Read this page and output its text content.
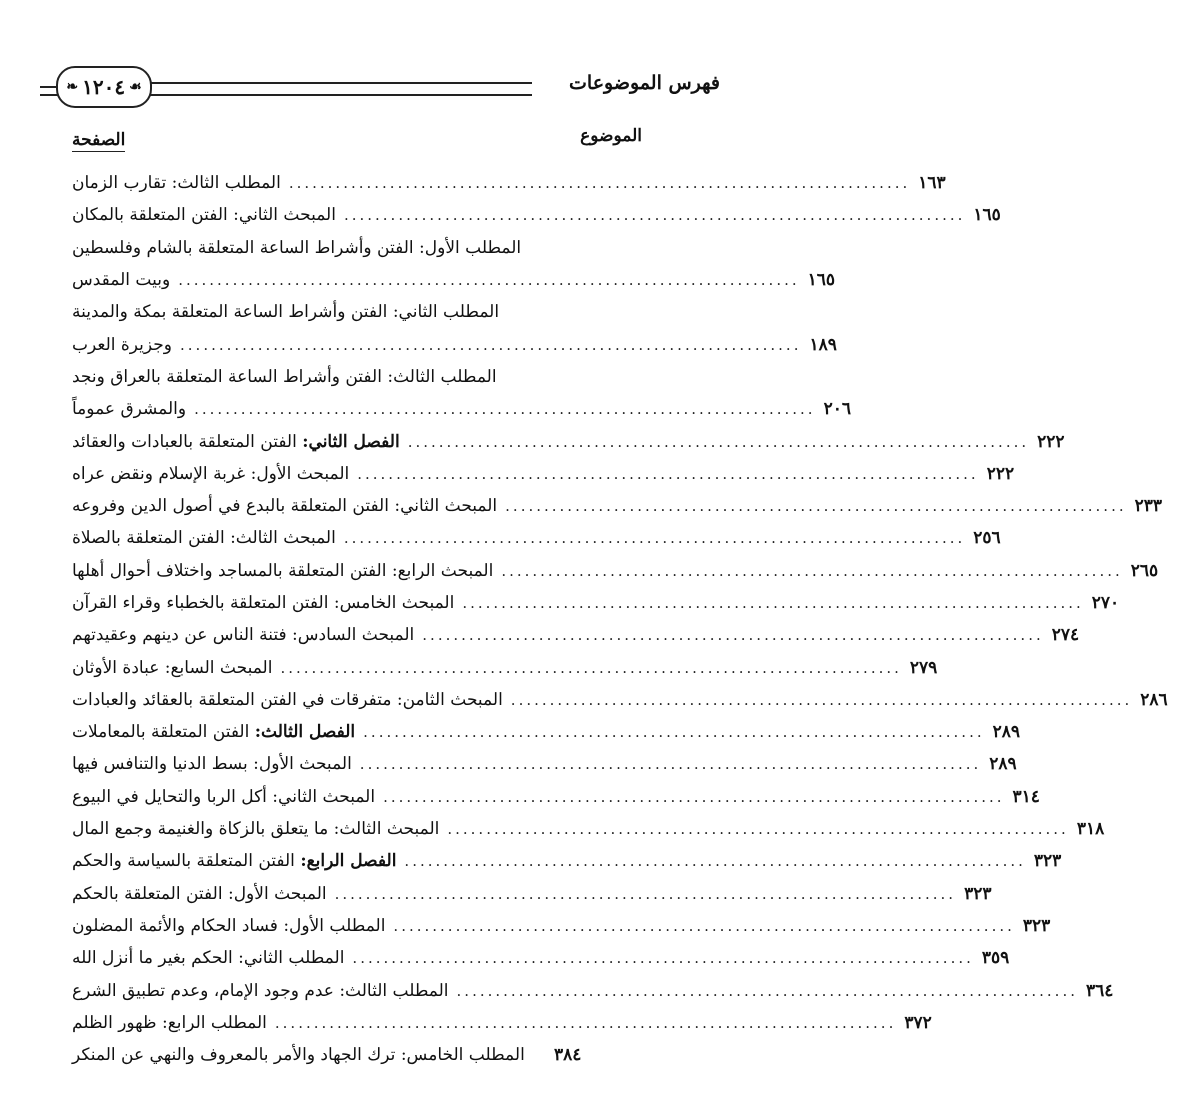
❧ ١٢٠٤ ☙	فهرس الموضوعات
الموضوع
الصفحة
المطلب الثالث: تقارب الزمان	................................................................................ ١٦٣
المبحث الثاني: الفتن المتعلقة بالمكان	................................................................................ ١٦٥
المطلب الأول: الفتن وأشراط الساعة المتعلقة بالشام وفلسطين
وبيت المقدس ................................................................................ ١٦٥
المطلب الثاني: الفتن وأشراط الساعة المتعلقة بمكة والمدينة
وجزيرة العرب ................................................................................ ١٨٩
المطلب الثالث: الفتن وأشراط الساعة المتعلقة بالعراق ونجد
والمشرق عموماً ................................................................................ ٢٠٦
الفصل الثاني: الفتن المتعلقة بالعبادات والعقائد	................................................................................ ٢٢٢
المبحث الأول: غربة الإسلام ونقض عراه	................................................................................ ٢٢٢
المبحث الثاني: الفتن المتعلقة بالبدع في أصول الدين وفروعه	................................................................................ ٢٣٣
المبحث الثالث: الفتن المتعلقة بالصلاة	................................................................................ ٢٥٦
المبحث الرابع: الفتن المتعلقة بالمساجد واختلاف أحوال أهلها	................................................................................ ٢٦٥
المبحث الخامس: الفتن المتعلقة بالخطباء وقراء القرآن	................................................................................ ٢٧٠
المبحث السادس: فتنة الناس عن دينهم وعقيدتهم	................................................................................ ٢٧٤
المبحث السابع: عبادة الأوثان	................................................................................ ٢٧٩
المبحث الثامن: متفرقات في الفتن المتعلقة بالعقائد والعبادات	................................................................................ ٢٨٦
الفصل الثالث: الفتن المتعلقة بالمعاملات	................................................................................ ٢٨٩
المبحث الأول: بسط الدنيا والتنافس فيها	................................................................................ ٢٨٩
المبحث الثاني: أكل الربا والتحايل في البيوع	................................................................................ ٣١٤
المبحث الثالث: ما يتعلق بالزكاة والغنيمة وجمع المال	................................................................................ ٣١٨
الفصل الرابع: الفتن المتعلقة بالسياسة والحكم	................................................................................ ٣٢٣
المبحث الأول: الفتن المتعلقة بالحكم	................................................................................ ٣٢٣
المطلب الأول: فساد الحكام والأئمة المضلون	................................................................................ ٣٢٣
المطلب الثاني: الحكم بغير ما أنزل الله	................................................................................ ٣٥٩
المطلب الثالث: عدم وجود الإمام، وعدم تطبيق الشرع	................................................................................ ٣٦٤
المطلب الرابع: ظهور الظلم	................................................................................ ٣٧٢
المطلب الخامس: ترك الجهاد والأمر بالمعروف والنهي عن المنكر	٣٨٤
